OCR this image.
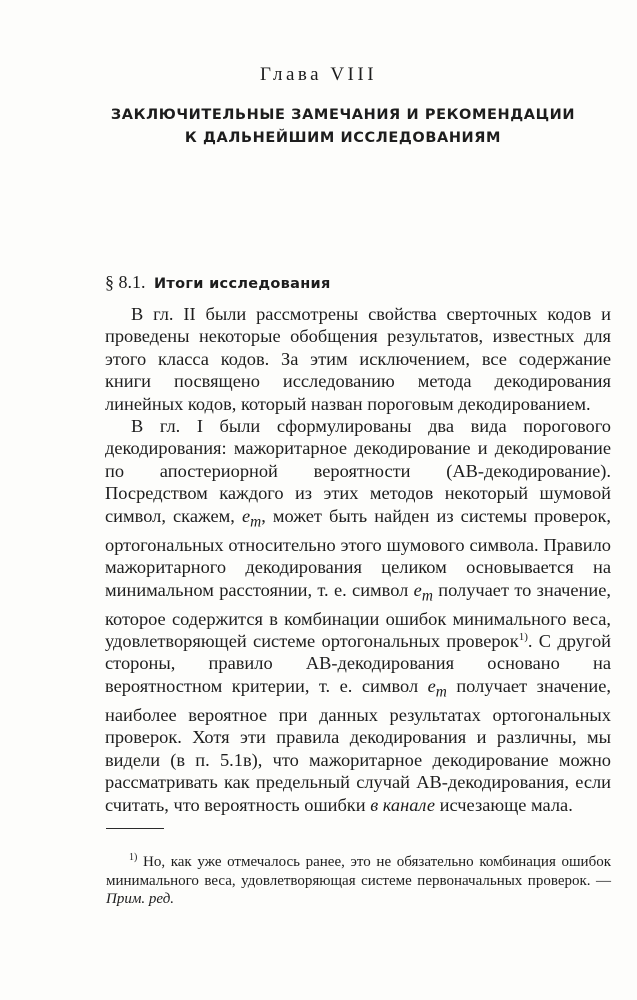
Глава VIII
ЗАКЛЮЧИТЕЛЬНЫЕ ЗАМЕЧАНИЯ И РЕКОМЕНДАЦИИ
К ДАЛЬНЕЙШИМ ИССЛЕДОВАНИЯМ
§ 8.1. Итоги исследования

В гл. II были рассмотрены свойства сверточных кодов и проведены некоторые обобщения результатов, известных для этого класса кодов. За этим исключением, все содержание книги посвящено исследованию метода декодирования линейных кодов, который назван пороговым декодированием.

В гл. I были сформулированы два вида порогового декодирования: мажоритарное декодирование и декодирование по апостериорной вероятности (АВ-декодирование). Посредством каждого из этих методов некоторый шумовой символ, скажем, $e_m$, может быть найден из системы проверок, ортогональных относительно этого шумового символа. Правило мажоритарного декодирования целиком основывается на минимальном расстоянии, т. е. символ $e_m$ получает то значение, которое содержится в комбинации ошибок минимального веса, удовлетворяющей системе ортогональных проверок$^{1)}$. С другой стороны, правило АВ-декодирования основано на вероятностном критерии, т. е. символ $e_m$ получает значение, наиболее вероятное при данных результатах ортогональных проверок. Хотя эти правила декодирования и различны, мы видели (в п. 5.1в), что мажоритарное декодирование можно рассматривать как предельный случай АВ-декодирования, если считать, что вероятность ошибки в канале исчезающе мала.

$^{1)}$ Но, как уже отмечалось ранее, это не обязательно комбинация ошибок минимального веса, удовлетворяющая системе первоначальных проверок. — Прим. ред.
